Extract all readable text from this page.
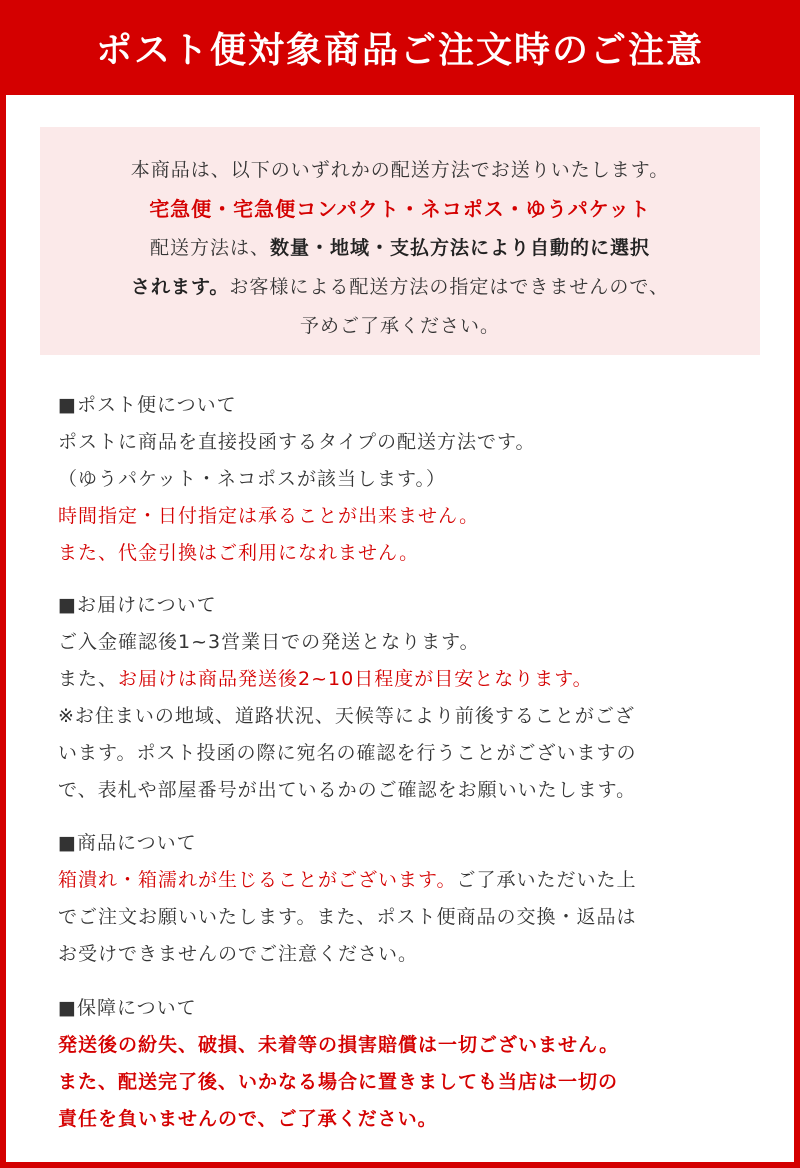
ポスト便対象商品ご注文時のご注意
本商品は、以下のいずれかの配送方法でお送りいたします。
宅急便・宅急便コンパクト・ネコポス・ゆうパケット
配送方法は、数量・地域・支払方法により自動的に選択
されます。お客様による配送方法の指定はできませんので、
予めご了承ください。
■ポスト便について
ポストに商品を直接投函するタイプの配送方法です。
（ゆうパケット・ネコポスが該当します。）
時間指定・日付指定は承ることが出来ません。
また、代金引換はご利用になれません。
■お届けについて
ご入金確認後1~3営業日での発送となります。
また、お届けは商品発送後2~10日程度が目安となります。
※お住まいの地域、道路状況、天候等により前後することがござ
います。ポスト投函の際に宛名の確認を行うことがございますの
で、表札や部屋番号が出ているかのご確認をお願いいたします。
■商品について
箱潰れ・箱濡れが生じることがございます。ご了承いただいた上
でご注文お願いいたします。また、ポスト便商品の交換・返品は
お受けできませんのでご注意ください。
■保障について
発送後の紛失、破損、未着等の損害賠償は一切ございません。
また、配送完了後、いかなる場合に置きましても当店は一切の
責任を負いませんので、ご了承ください。
